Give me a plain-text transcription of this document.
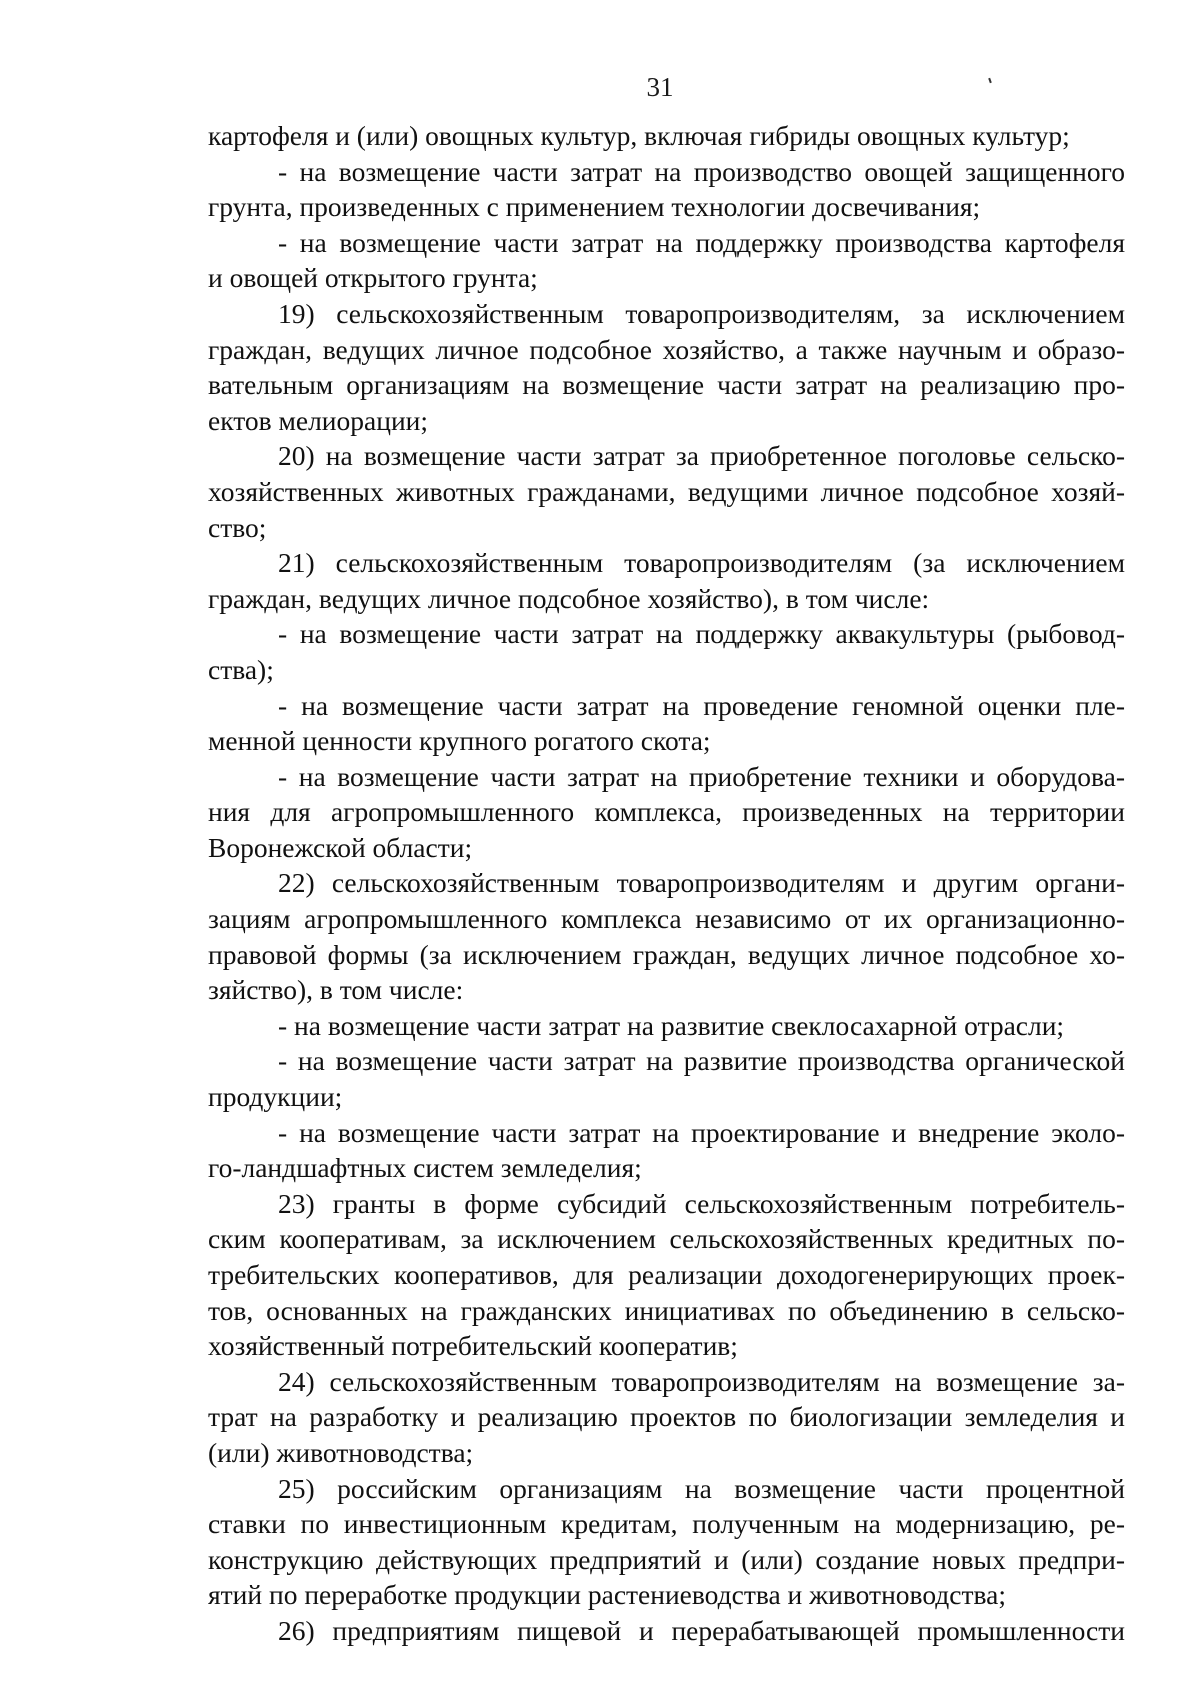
31

картофеля и (или) овощных культур, включая гибриды овощных культур;

- на возмещение части затрат на производство овощей защищенного

грунта, произведенных с применением технологии досвечивания;

- на возмещение части затрат на поддержку производства картофеля

и овощей открытого грунта;

19) сельскохозяйственным товаропроизводителям, за исключением

граждан, ведущих личное подсобное хозяйство, а также научным и образо-

вательным организациям на возмещение части затрат на реализацию про-

ектов мелиорации;

20) на возмещение части затрат за приобретенное поголовье сельско-

хозяйственных животных гражданами, ведущими личное подсобное хозяй-

ство;

21) сельскохозяйственным товаропроизводителям (за исключением

граждан, ведущих личное подсобное хозяйство), в том числе:

- на возмещение части затрат на поддержку аквакультуры (рыбовод-

ства);

- на возмещение части затрат на проведение геномной оценки пле-

менной ценности крупного рогатого скота;

- на возмещение части затрат на приобретение техники и оборудова-

ния для агропромышленного комплекса, произведенных на территории

Воронежской области;

22) сельскохозяйственным товаропроизводителям и другим органи-

зациям агропромышленного комплекса независимо от их организационно-

правовой формы (за исключением граждан, ведущих личное подсобное хо-

зяйство), в том числе:

- на возмещение части затрат на развитие свеклосахарной отрасли;

- на возмещение части затрат на развитие производства органической

продукции;

- на возмещение части затрат на проектирование и внедрение эколо-

го-ландшафтных систем земледелия;

23) гранты в форме субсидий сельскохозяйственным потребитель-

ским кооперативам, за исключением сельскохозяйственных кредитных по-

требительских кооперативов, для реализации доходогенерирующих проек-

тов, основанных на гражданских инициативах по объединению в сельско-

хозяйственный потребительский кооператив;

24) сельскохозяйственным товаропроизводителям на возмещение за-

трат на разработку и реализацию проектов по биологизации земледелия и

(или) животноводства;

25) российским организациям на возмещение части процентной

ставки по инвестиционным кредитам, полученным на модернизацию, ре-

конструкцию действующих предприятий и (или) создание новых предпри-

ятий по переработке продукции растениеводства и животноводства;

26) предприятиям пищевой и перерабатывающей промышленности
